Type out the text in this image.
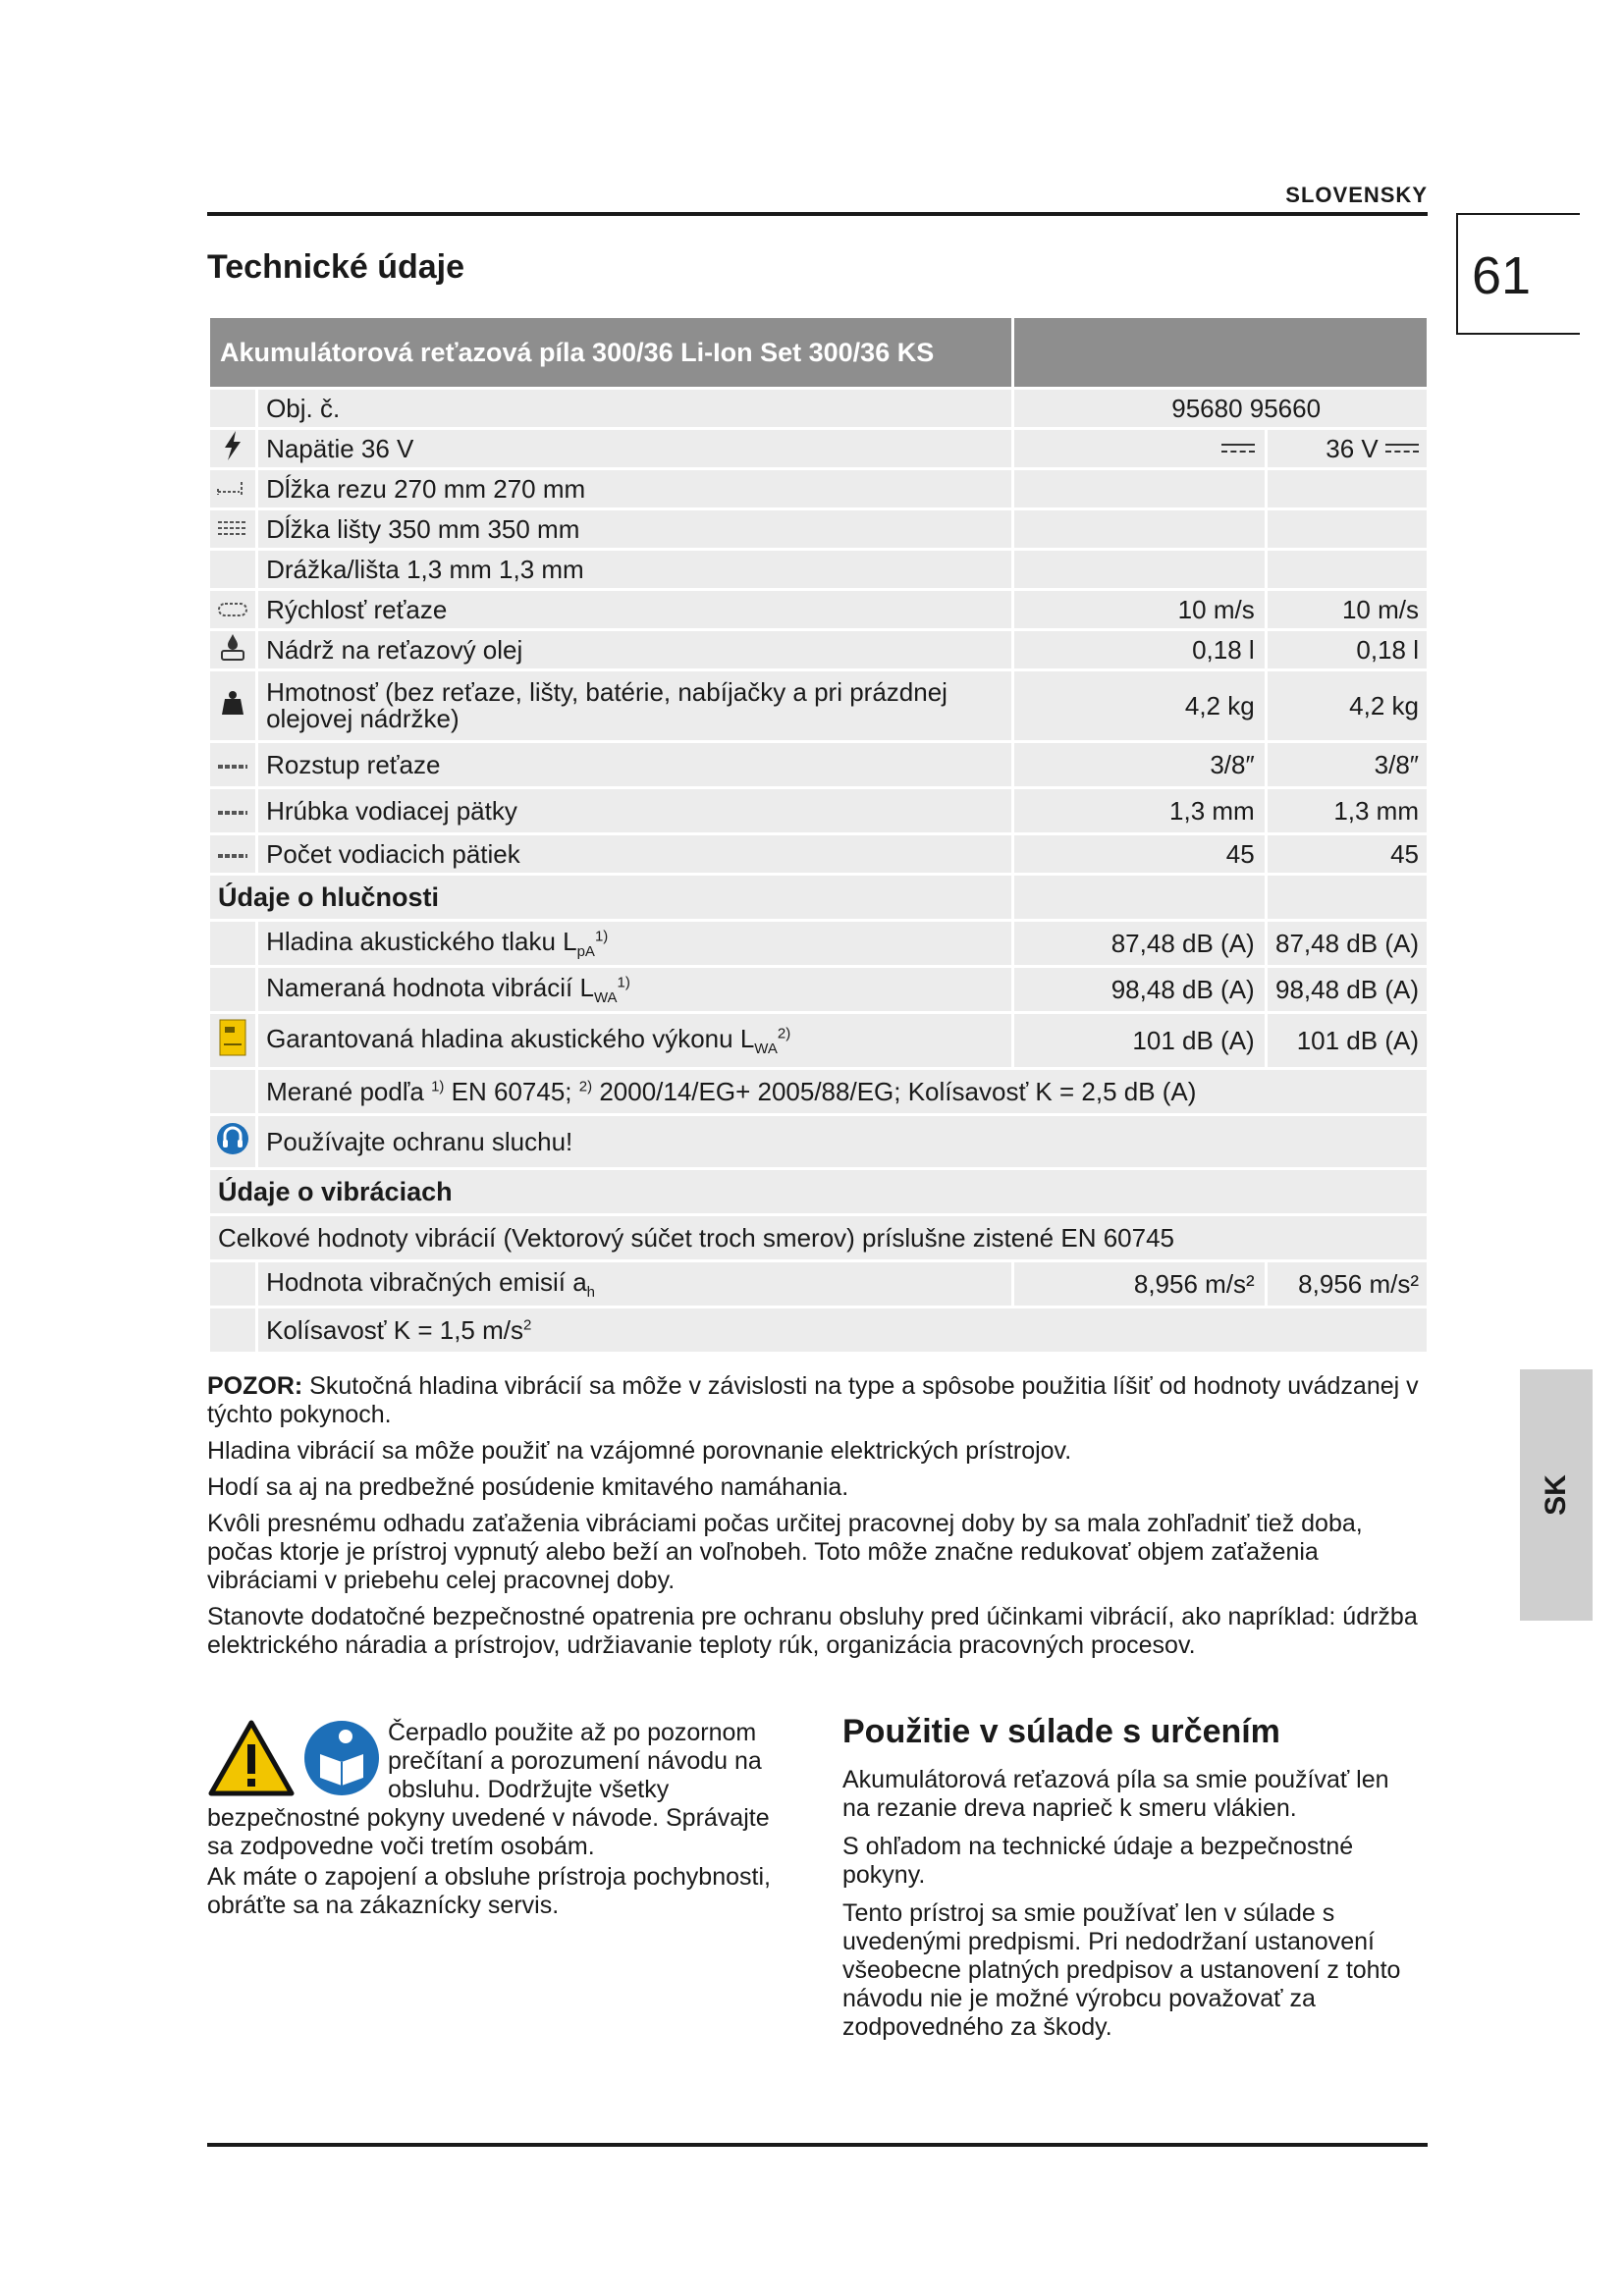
SLOVENSKY
61
Technické údaje
Akumulátorová reťazová píla 300/36 Li-Ion Set 300/36 KS			
	Obj. č.	95680 95660	
	Napätie 36 V		36 V
	Dĺžka rezu 270 mm 270 mm		
	Dĺžka lišty 350 mm 350 mm		
	Drážka/lišta 1,3 mm 1,3 mm		
	Rýchlosť reťaze	10 m/s	10 m/s
	Nádrž na reťazový olej	0,18 l	0,18 l
	Hmotnosť (bez reťaze, lišty, batérie, nabíjačky a pri prázdnej olejovej nádržke)	4,2 kg	4,2 kg
	Rozstup reťaze	3/8″	3/8″
	Hrúbka vodiacej pätky	1,3 mm	1,3 mm
	Počet vodiacich pätiek	45	45
Údaje o hlučnosti			
	Hladina akustického tlaku $L_{pA}^{1)}$	87,48 dB (A)	87,48 dB (A)
	Nameraná hodnota vibrácií $L_{WA}^{1)}$	98,48 dB (A)	98,48 dB (A)
	Garantovaná hladina akustického výkonu $L_{WA}^{2)}$	101 dB (A)	101 dB (A)
	Merané podľa $^{1)}$ EN 60745; $^{2)}$ 2000/14/EG+ 2005/88/EG; Kolísavosť K = 2,5 dB (A)		
	Používajte ochranu sluchu!		
Údaje o vibráciach			
Celkové hodnoty vibrácií (Vektorový súčet troch smerov) príslušne zistené EN 60745			
	Hodnota vibračných emisií $a_h$	8,956 m/s²	8,956 m/s²
	Kolísavosť K = 1,5 $m/s^2$

POZOR: Skutočná hladina vibrácií sa môže v závislosti na type a spôsobe použitia líšiť od hodnoty uvádzanej v týchto pokynoch.

Hladina vibrácií sa môže použiť na vzájomné porovnanie elektrických prístrojov.

Hodí sa aj na predbežné posúdenie kmitavého namáhania.

Kvôli presnému odhadu zaťaženia vibráciami počas určitej pracovnej doby by sa mala zohľadniť tiež doba, počas ktorje je prístroj vypnutý alebo beží an voľnobeh. Toto môže značne redukovať objem zaťaženia vibráciami v priebehu celej pracovnej doby.

Stanovte dodatočné bezpečnostné opatrenia pre ochranu obsluhy pred účinkami vibrácií, ako napríklad: údržba elektrického náradia a prístrojov, udržiavanie teploty rúk, organizácia pracovných procesov.

Čerpadlo použite až po pozornom prečítaní a porozumení návodu na obsluhu. Dodržujte všetky bezpečnostné pokyny uvedené v návode. Správajte sa zodpovedne voči tretím osobám.

Ak máte o zapojení a obsluhe prístroja pochybnosti, obráťte sa na zákaznícky servis.

Použitie v súlade s určením

Akumulátorová reťazová píla sa smie používať len na rezanie dreva naprieč k smeru vlákien.

S ohľadom na technické údaje a bezpečnostné pokyny.

Tento prístroj sa smie používať len v súlade s uvedenými predpismi. Pri nedodržaní ustanovení všeobecne platných predpisov a ustanovení z tohto návodu nie je možné výrobcu považovať za zodpovedného za škody.

SK
